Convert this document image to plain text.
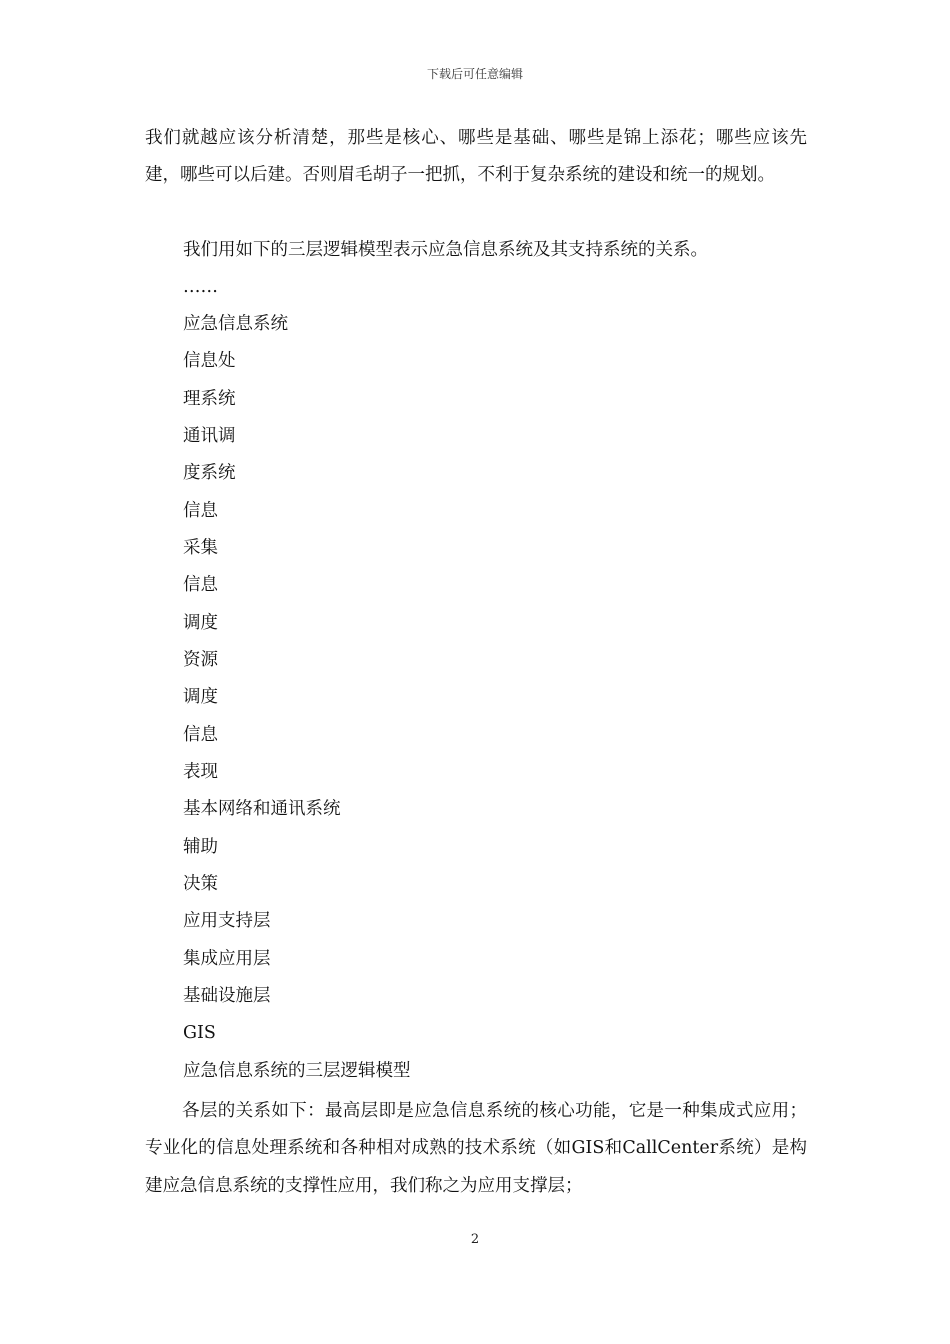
下载后可任意编辑
我们就越应该分析清楚，那些是核心、哪些是基础、哪些是锦上添花；哪些应该先建，哪些可以后建。否则眉毛胡子一把抓，不利于复杂系统的建设和统一的规划。
我们用如下的三层逻辑模型表示应急信息系统及其支持系统的关系。
……
应急信息系统
信息处
理系统
通讯调
度系统
信息
采集
信息
调度
资源
调度
信息
表现
基本网络和通讯系统
辅助
决策
应用支持层
集成应用层
基础设施层
GIS
应急信息系统的三层逻辑模型
各层的关系如下：最高层即是应急信息系统的核心功能，它是一种集成式应用；专业化的信息处理系统和各种相对成熟的技术系统（如GIS和CallCenter系统）是构建应急信息系统的支撑性应用，我们称之为应用支撑层；
2
